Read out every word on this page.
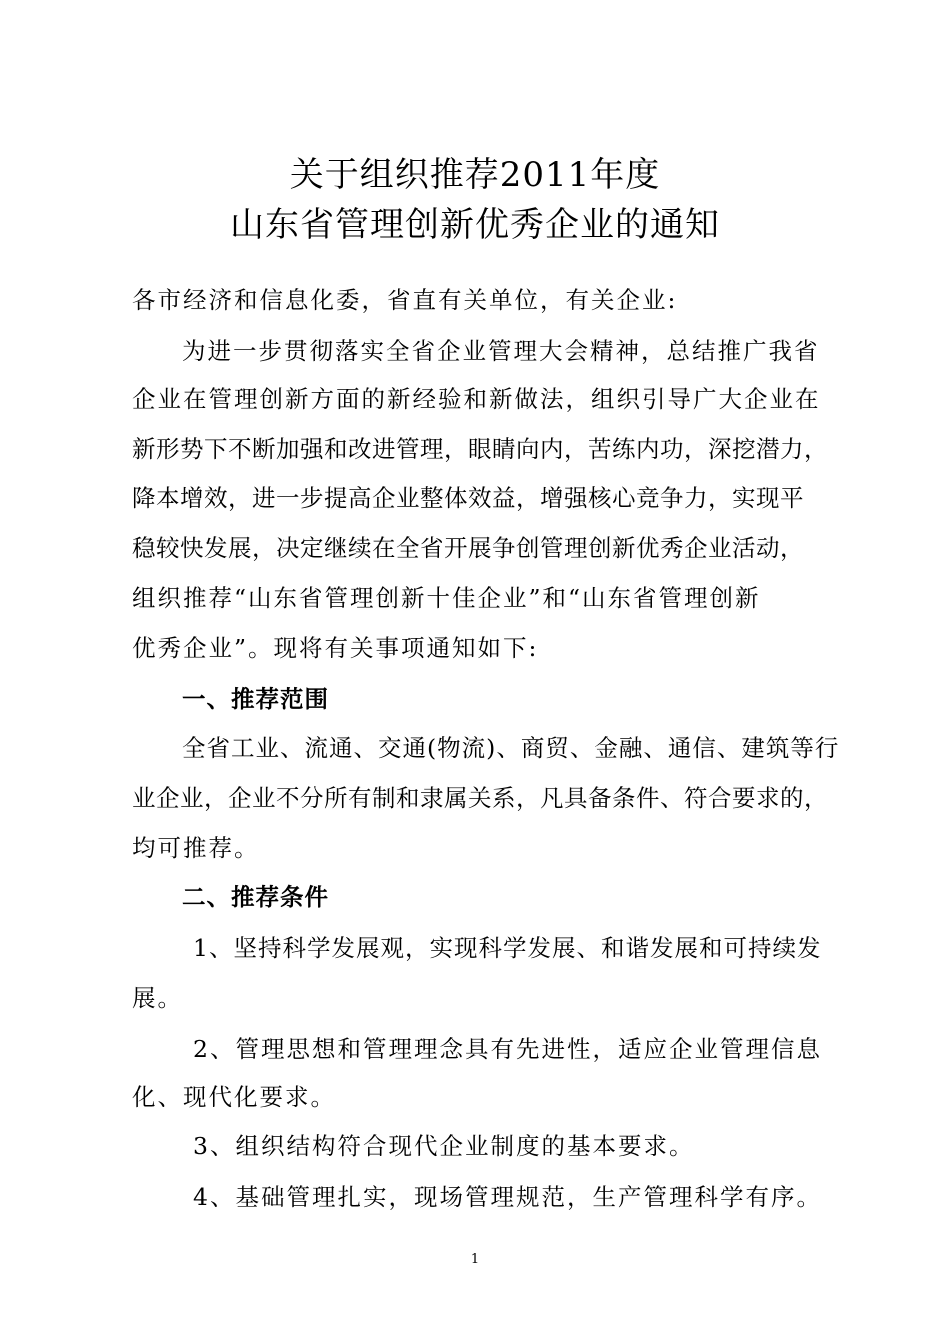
关于组织推荐2011年度
山东省管理创新优秀企业的通知
各市经济和信息化委，省直有关单位，有关企业:
为进一步贯彻落实全省企业管理大会精神，总结推广我省
企业在管理创新方面的新经验和新做法，组织引导广大企业在
新形势下不断加强和改进管理，眼睛向内，苦练内功，深挖潜力，
降本增效，进一步提高企业整体效益，增强核心竞争力，实现平
稳较快发展，决定继续在全省开展争创管理创新优秀企业活动，
组织推荐“山东省管理创新十佳企业”和“山东省管理创新
优秀企业”。现将有关事项通知如下:
一、推荐范围
全省工业、流通、交通(物流)、商贸、金融、通信、建筑等行
业企业，企业不分所有制和隶属关系，凡具备条件、符合要求的，
均可推荐。
二、推荐条件
1、坚持科学发展观，实现科学发展、和谐发展和可持续发
展。
2、管理思想和管理理念具有先进性，适应企业管理信息
化、现代化要求。
3、组织结构符合现代企业制度的基本要求。
4、基础管理扎实，现场管理规范，生产管理科学有序。
1
